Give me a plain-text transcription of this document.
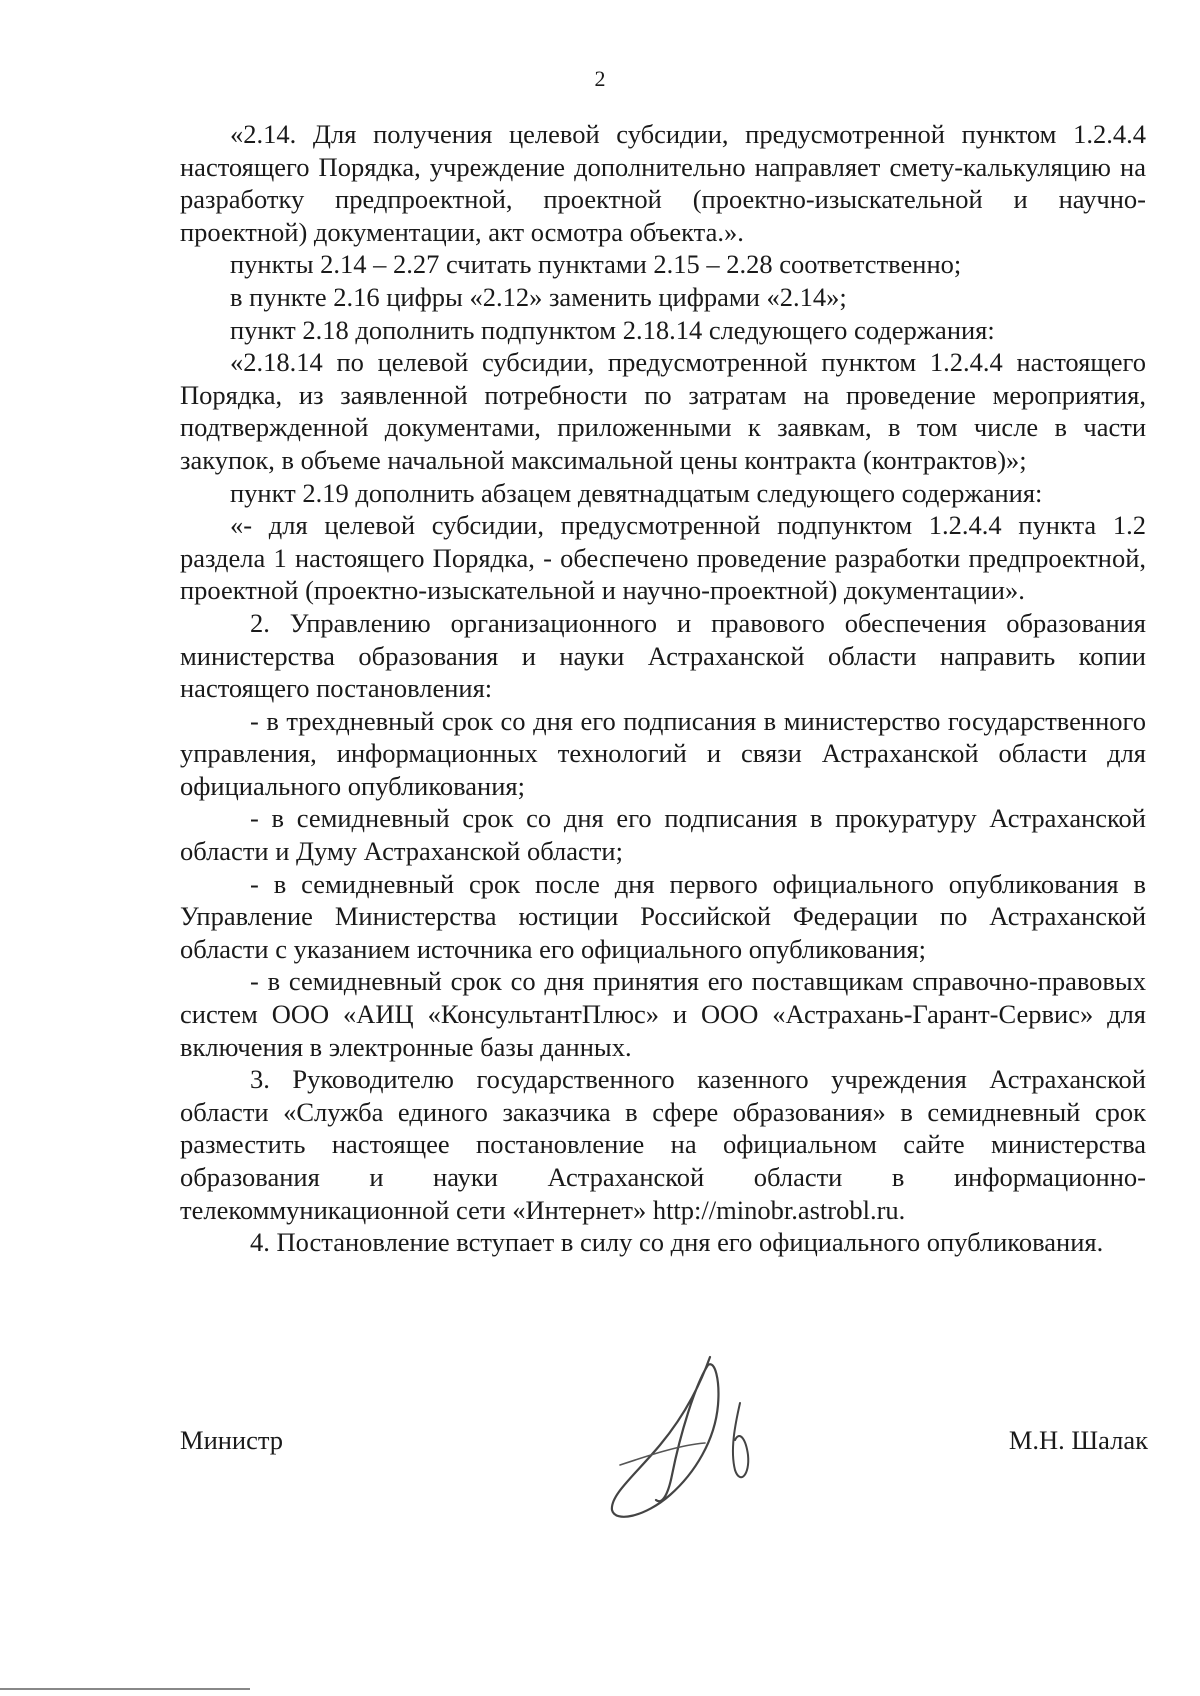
2

«2.14. Для получения целевой субсидии, предусмотренной пунктом 1.2.4.4 настоящего Порядка, учреждение дополнительно направляет смету-калькуляцию на разработку предпроектной, проектной (проектно-изыскательной и научно-проектной) документации, акт осмотра объекта.».

пункты 2.14 – 2.27 считать пунктами 2.15 – 2.28 соответственно;

в пункте 2.16 цифры «2.12» заменить цифрами «2.14»;

пункт 2.18 дополнить подпунктом 2.18.14 следующего содержания:

«2.18.14 по целевой субсидии, предусмотренной пунктом 1.2.4.4 настоящего Порядка, из заявленной потребности по затратам на проведение мероприятия, подтвержденной документами, приложенными к заявкам, в том числе в части закупок, в объеме начальной максимальной цены контракта (контрактов)»;

пункт 2.19 дополнить абзацем девятнадцатым следующего содержания:

«- для целевой субсидии, предусмотренной подпунктом 1.2.4.4 пункта 1.2 раздела 1 настоящего Порядка, - обеспечено проведение разработки предпроектной, проектной (проектно-изыскательной и научно-проектной) документации».

2. Управлению организационного и правового обеспечения образования министерства образования и науки Астраханской области направить копии настоящего постановления:

- в трехдневный срок со дня его подписания в министерство государственного управления, информационных технологий и связи Астраханской области для официального опубликования;

- в семидневный срок со дня его подписания в прокуратуру Астраханской области и Думу Астраханской области;

- в семидневный срок после дня первого официального опубликования в Управление Министерства юстиции Российской Федерации по Астраханской области с указанием источника его официального опубликования;

- в семидневный срок со дня принятия его поставщикам справочно-правовых систем ООО «АИЦ «КонсультантПлюс» и ООО «Астрахань-Гарант-Сервис» для включения в электронные базы данных.

3. Руководителю государственного казенного учреждения Астраханской области «Служба единого заказчика в сфере образования» в семидневный срок разместить настоящее постановление на официальном сайте министерства образования и науки Астраханской области в информационно-телекоммуникационной сети «Интернет» http://minobr.astrobl.ru.

4. Постановление вступает в силу со дня его официального опубликования.

Министр	М.Н. Шалак
